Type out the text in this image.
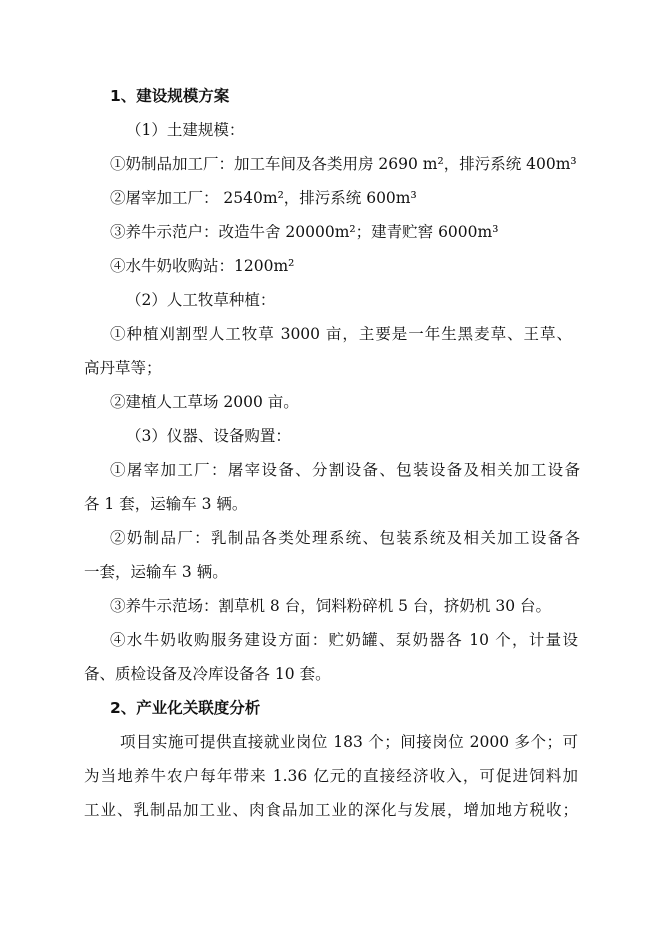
1、建设规模方案
（1）土建规模：
①奶制品加工厂：加工车间及各类用房 2690 m²，排污系统 400m³
②屠宰加工厂： 2540m²，排污系统 600m³
③养牛示范户：改造牛舍 20000m²；建青贮窖 6000m³
④水牛奶收购站：1200m²
（2）人工牧草种植：
①种植刈割型人工牧草 3000 亩，主要是一年生黑麦草、王草、
高丹草等；
②建植人工草场 2000 亩。
（3）仪器、设备购置：
①屠宰加工厂：屠宰设备、分割设备、包装设备及相关加工设备
各 1 套，运输车 3 辆。
②奶制品厂：乳制品各类处理系统、包装系统及相关加工设备各
一套，运输车 3 辆。
③养牛示范场：割草机 8 台，饲料粉碎机 5 台，挤奶机 30 台。
④水牛奶收购服务建设方面：贮奶罐、泵奶器各 10 个，计量设
备、质检设备及冷库设备各 10 套。
2、产业化关联度分析
项目实施可提供直接就业岗位 183 个；间接岗位 2000 多个；可
为当地养牛农户每年带来 1.36 亿元的直接经济收入，可促进饲料加
工业、乳制品加工业、肉食品加工业的深化与发展，增加地方税收；
